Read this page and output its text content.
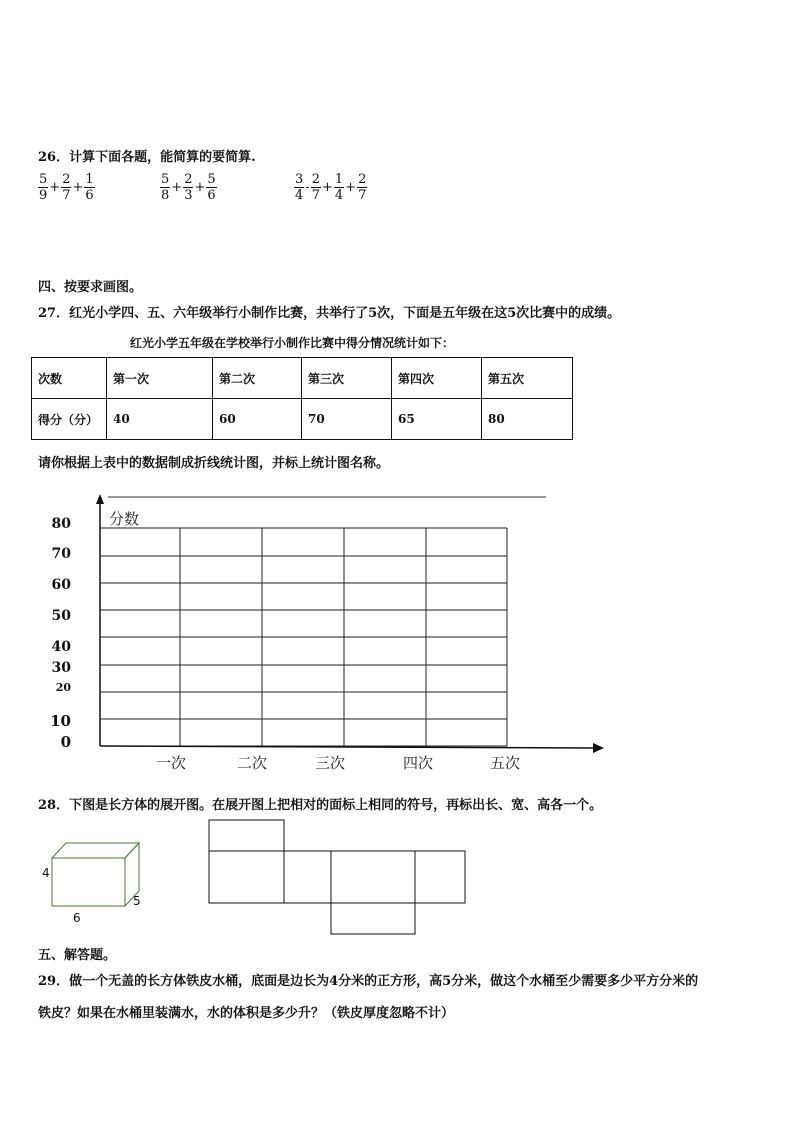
26．计算下面各题，能简算的要简算.
$\frac{5}{9} + \frac{2}{7} + \frac{1}{6}$	$\frac{5}{8} + \frac{2}{3} + \frac{5}{6}$	$\frac{3}{4} - \frac{2}{7} + \frac{1}{4} + \frac{2}{7}$
四、按要求画图。
27．红光小学四、五、六年级举行小制作比赛，共举行了5次，下面是五年级在这5次比赛中的成绩。
红光小学五年级在学校举行小制作比赛中得分情况统计如下：
次数	第一次	第二次	第三次	第四次	第五次
得分（分）	40	60	70	65	80
请你根据上表中的数据制成折线统计图，并标上统计图名称。
分数
80
70
60
50
40
30
20
10
0
一次	二次	三次	四次	五次
28．下图是长方体的展开图。在展开图上把相对的面标上相同的符号，再标出长、宽、高各一个。
4
6
5
五、解答题。
29．做一个无盖的长方体铁皮水桶，底面是边长为4分米的正方形，高5分米，做这个水桶至少需要多少平方分米的
铁皮？如果在水桶里装满水，水的体积是多少升？（铁皮厚度忽略不计）
